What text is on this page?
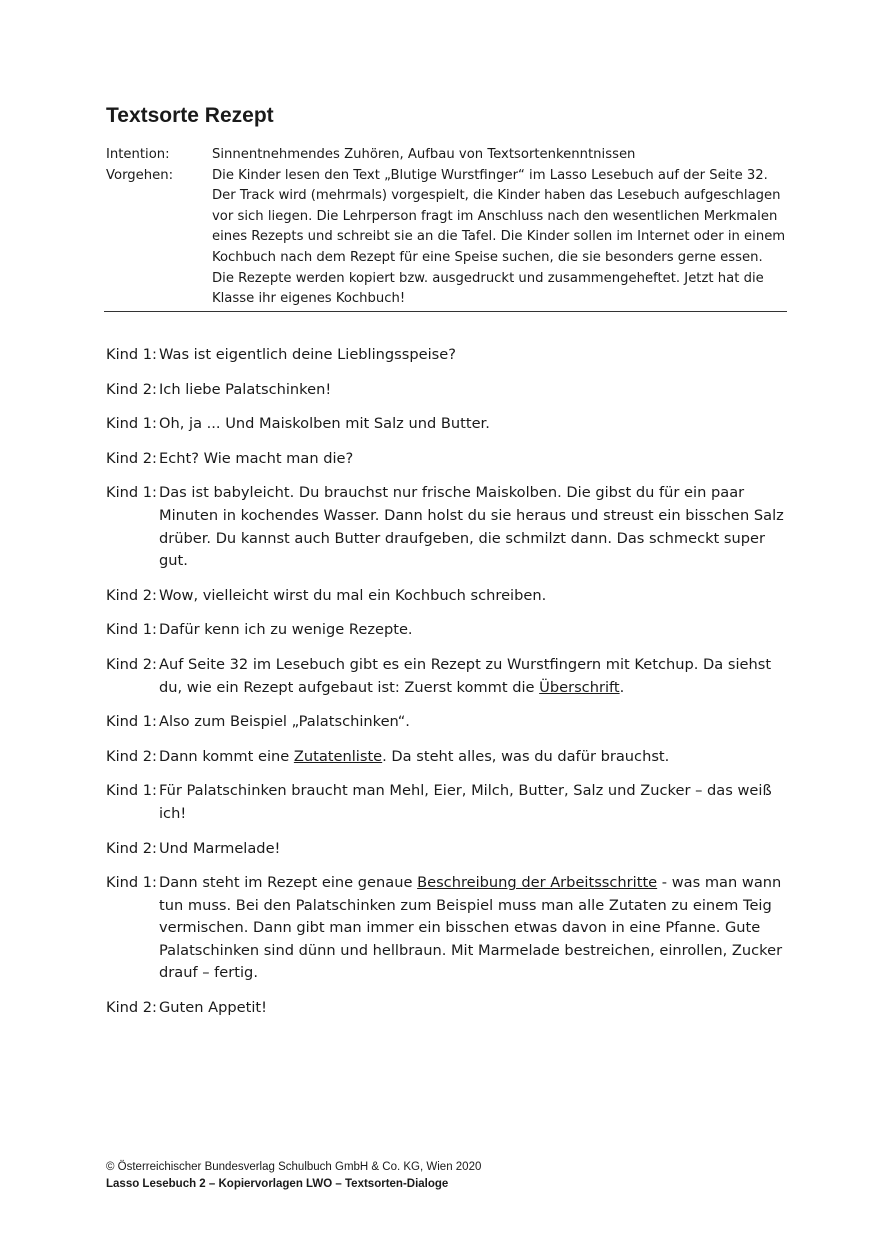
Textsorte Rezept
Intention:	Sinnentnehmendes Zuhören, Aufbau von Textsortenkenntnissen
Vorgehen:	Die Kinder lesen den Text „Blutige Wurstfinger“ im Lasso Lesebuch auf der Seite 32. Der Track wird (mehrmals) vorgespielt, die Kinder haben das Lesebuch aufgeschlagen vor sich liegen. Die Lehrperson fragt im Anschluss nach den wesentlichen Merkmalen eines Rezepts und schreibt sie an die Tafel. Die Kinder sollen im Internet oder in einem Kochbuch nach dem Rezept für eine Speise suchen, die sie besonders gerne essen. Die Rezepte werden kopiert bzw. ausgedruckt und zusammengeheftet. Jetzt hat die Klasse ihr eigenes Kochbuch!
Kind 1: Was ist eigentlich deine Lieblingsspeise?
Kind 2: Ich liebe Palatschinken!
Kind 1: Oh, ja ... Und Maiskolben mit Salz und Butter.
Kind 2: Echt? Wie macht man die?
Kind 1: Das ist babyleicht. Du brauchst nur frische Maiskolben. Die gibst du für ein paar Minuten in kochendes Wasser. Dann holst du sie heraus und streust ein bisschen Salz drüber. Du kannst auch Butter draufgeben, die schmilzt dann. Das schmeckt super gut.
Kind 2: Wow, vielleicht wirst du mal ein Kochbuch schreiben.
Kind 1: Dafür kenn ich zu wenige Rezepte.
Kind 2: Auf Seite 32 im Lesebuch gibt es ein Rezept zu Wurstfingern mit Ketchup. Da siehst du, wie ein Rezept aufgebaut ist: Zuerst kommt die Überschrift.
Kind 1: Also zum Beispiel „Palatschinken“.
Kind 2: Dann kommt eine Zutatenliste. Da steht alles, was du dafür brauchst.
Kind 1: Für Palatschinken braucht man Mehl, Eier, Milch, Butter, Salz und Zucker – das weiß ich!
Kind 2: Und Marmelade!
Kind 1: Dann steht im Rezept eine genaue Beschreibung der Arbeitsschritte - was man wann tun muss. Bei den Palatschinken zum Beispiel muss man alle Zutaten zu einem Teig vermischen. Dann gibt man immer ein bisschen etwas davon in eine Pfanne. Gute Palatschinken sind dünn und hellbraun. Mit Marmelade bestreichen, einrollen, Zucker drauf – fertig.
Kind 2: Guten Appetit!
© Österreichischer Bundesverlag Schulbuch GmbH & Co. KG, Wien 2020
Lasso Lesebuch 2 – Kopiervorlagen LWO – Textsorten-Dialoge
